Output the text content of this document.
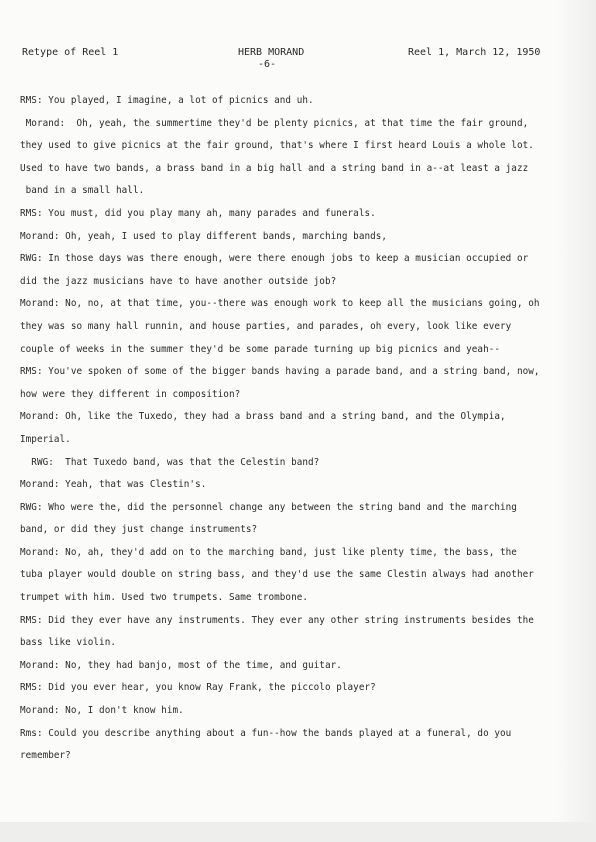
Retype of Reel 1	HERB MORAND
-6-
Reel 1, March 12, 1950
RMS: You played, I imagine, a lot of picnics and uh.
Morand:  Oh, yeah, the summertime they'd be plenty picnics, at that time the fair ground,
they used to give picnics at the fair ground, that's where I first heard Louis a whole lot.
Used to have two bands, a brass band in a big hall and a string band in a--at least a jazz
band in a small hall.
RMS: You must, did you play many ah, many parades and funerals.
Morand: Oh, yeah, I used to play different bands, marching bands,
RWG: In those days was there enough, were there enough jobs to keep a musician occupied or
did the jazz musicians have to have another outside job?
Morand: No, no, at that time, you--there was enough work to keep all the musicians going, oh
they was so many hall runnin, and house parties, and parades, oh every, look like every
couple of weeks in the summer they'd be some parade turning up big picnics and yeah--
RMS: You've spoken of some of the bigger bands having a parade band, and a string band, now,
how were they different in composition?
Morand: Oh, like the Tuxedo, they had a brass band and a string band, and the Olympia,
Imperial.
RWG:  That Tuxedo band, was that the Celestin band?
Morand: Yeah, that was Clestin's.
RWG: Who were the, did the personnel change any between the string band and the marching
band, or did they just change instruments?
Morand: No, ah, they'd add on to the marching band, just like plenty time, the bass, the
tuba player would double on string bass, and they'd use the same Clestin always had another
trumpet with him. Used two trumpets. Same trombone.
RMS: Did they ever have any instruments. They ever any other string instruments besides the
bass like violin.
Morand: No, they had banjo, most of the time, and guitar.
RMS: Did you ever hear, you know Ray Frank, the piccolo player?
Morand: No, I don't know him.
Rms: Could you describe anything about a fun--how the bands played at a funeral, do you
remember?
